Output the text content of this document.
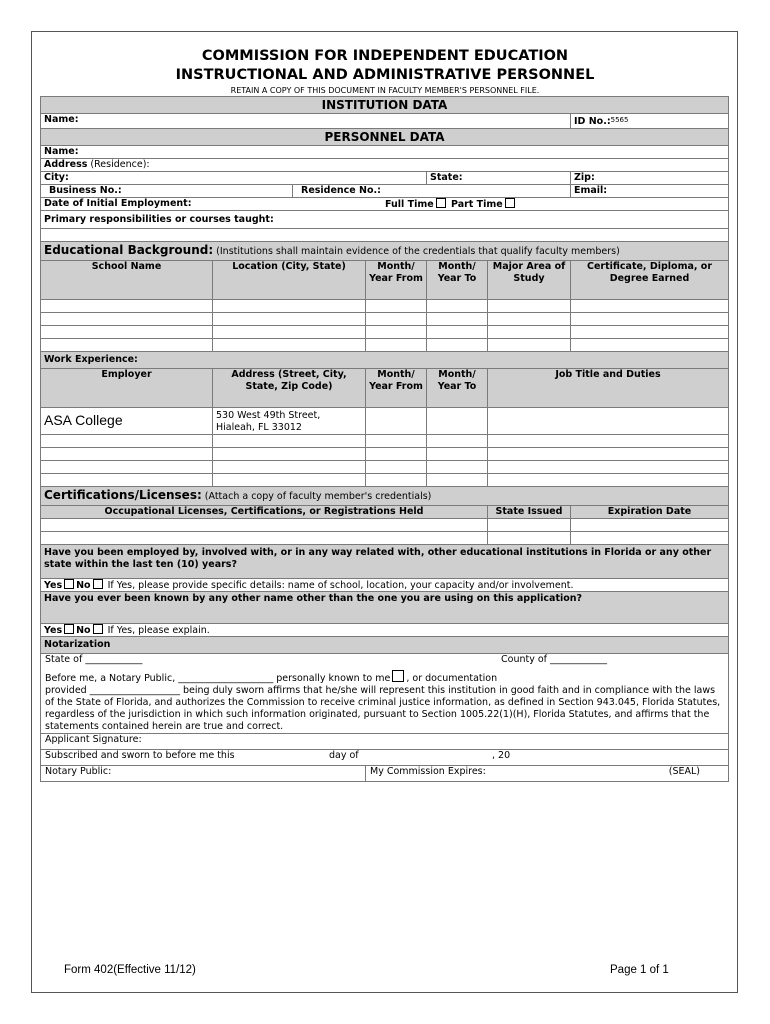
COMMISSION FOR INDEPENDENT EDUCATION
INSTRUCTIONAL AND ADMINISTRATIVE PERSONNEL
RETAIN A COPY OF THIS DOCUMENT IN FACULTY MEMBER'S PERSONNEL FILE.
INSTITUTION DATA						
Name:						ID No.:$^{5565}$
PERSONNEL DATA						
Name:						
Address (Residence):						
City:				State:		Zip:
Business No.:		Residence No.:				Email:
Date of Initial Employment: Full Time Part Time						

Primary responsibilities or courses taught:						

Educational Background: (Institutions shall maintain evidence of the credentials that qualify faculty members)						
School Name	Location (City, State)		Month/ Year From	Month/ Year To	Major Area of Study	Certificate, Diploma, or Degree Earned

Work Experience:						
Employer	Address (Street, City, State, Zip Code)		Month/ Year From	Month/ Year To	Job Title and Duties	
ASA College	530 West 49th Street,
Hialeah, FL 33012					

Certifications/Licenses: (Attach a copy of faculty member's credentials)						
Occupational Licenses, Certifications, or Registrations Held					State Issued	Expiration Date

Have you been employed by, involved with, or in any way related with, other educational institutions in Florida or any other state within the last ten (10) years?						
Yes No If Yes, please provide specific details: name of school, location, your capacity and/or involvement.						
Have you ever been known by any other name other than the one you are using on this application?						
Yes No If Yes, please explain.						
Notarization						

State of ____________ County of ____________
Before me, a Notary Public, ____________________ personally known to me , or documentation
provided ___________________ being duly sworn affirms that he/she will represent this institution in good faith and in compliance with the laws of the State of Florida, and authorizes the Commission to receive criminal justice information, as defined in Section 943.045, Florida Statutes, regardless of the jurisdiction in which such information originated, pursuant to Section 1005.22(1)(H), Florida Statutes, and affirms that the statements contained herein are true and correct.						

Applicant Signature:						
Subscribed and sworn to before me this day of , 20						

Notary Public:			My Commission Expires: (SEAL)			
Form 402(Effective 11/12)	Page 1 of 1
